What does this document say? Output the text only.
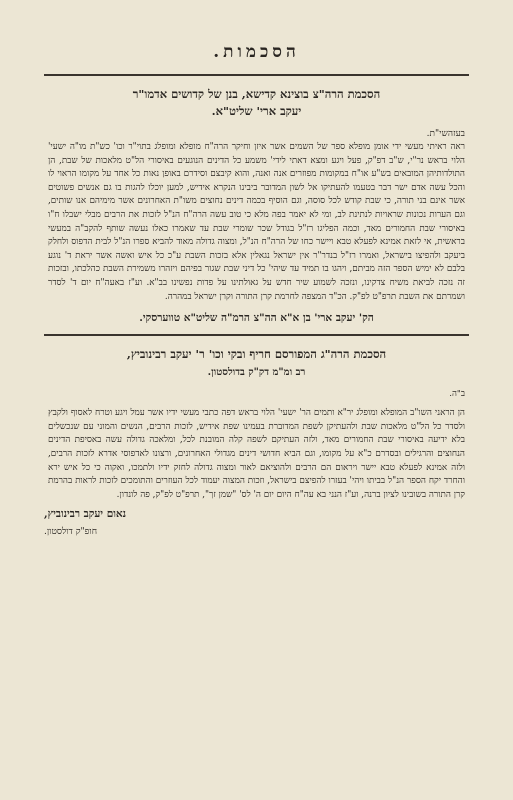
הסכמות.
הסכמת הרה"צ בוצינא קדישא, בנן של קדושים אדמו"ר
יעקב ארי' שליט"א.
בעזהשי"ת.

ראה ראיתי מעשי ידי אומן מופלא ספר של השמים אשר איזן וחיקר הרה"ח מופלא ומופלג בתוי"ר וכו' כש"ת מו"ה ישעי' הלוי בראש נר"י, ש"ב דפ"ק, פעל ויגע ומצא דאתי לידי' משמע כל הדינים הנוגעים באיסורי הל"ט מלאכות של שבת, הן התולדותיהן המובאים בש"ע או"ח במקומות מפוזרים אנה ואנה, והוא קיבצם וסידרם באופן נאות כל אחד על מקומו הראוי לו והכל עשה אדם ישר דבר בטעמו להעתיקו אל לשון המדובר ביבינו הנקרא אידיש, למען יוכלו להגות בו גם אנשים פשוטים אשר אינם בני תורה, כי שבת קודש לכל סוסה, וגם הוסיף בכמה דינים נחוצים משו"ת האחרונים אשר מימיהם אנו שותים, וגם הערות נכונות שראויות לנתינת לב, ומי לא יאמר בפה מלא כי טוב עשה הרה"ח הנ"ל לזכות את הרבים מבלי ישבלו ח"ו באיסורי שבת החמורים מאד, וכמה הפליגו רז"ל בגודל שכר שומרי שבת עד שאמרו כאלו נעשה שותף להקב"ה במעשי בראשית, אי לזאת אמינא לפעלא טבא ויישר כחו של הרה"ח הנ"ל, ומצוה גדולה מאוד להביא ספרו הנ"ל לבית הדפוס ולחלק ביעקב ולהפיצו בישראל, ואמרו רז"ל בנדר"ר אין ישראל נגאלין אלא בזכות השבת ע"כ כל איש ואשה אשר יראת ד' נוגע בלבם לא ימיש הספר הזה מביתם, ויהגו בו תמיד עד שיהי' כל דיני שבת שגור בפיהם ויזהרו משמירת השבת כהלכתו, ובזכות זה נזכה לביאת משיח צדקינו, ונזכה לשמוע שיר חדש על גאולתינו על פדות נפשינו בב"א. וע"ז באעה"ח יום ד' לסדר ושמרתם את השבת תרפ"ט לפ"ק. הכ"ד המצפה לחרמת קרן התורה וקרן ישראל במהרה.

הק' יעקב ארי' בן א"א הה"צ הרמ"ה שליט"א טווערסקי.
הסכמת הרה"ג המפורסם חריף ובקי וכו' ר' יעקב רבינוביץ,
רב ומ"מ דק"ק בדולסטון.
ב"ה.

הן הראני השו"ב המופלא ומופלג יר"א ותמים הר' ישעי' הלוי בראש דפה כתבי מעשי ידיו אשר עמל ויגע וטרח לאסוף ולקבץ ולסדר כל הל"ט מלאכות שבת ולהעתיקן לשפת המדוברת בעמינו שפת אידיש, לזכות הרבים, הנשים והמוני עם שנכשלים בלא ידיעה באיסורי שבת החמורים מאד, ולזה העתיקם לשפה קלה המובנת לכל, ומלאכה גדולה עשה באסיפת הדינים הנחוצים והרגילים ובסדרם כ"א על מקומו, וגם הביא חדושי דינים מגדולי האחרונים, ורצונו לאדפוסי אדרא לזכות הרבים, ולזה אמינא לפעלא טבא יישר ויראום הם הרבים ולהוציאם לאור ומצוה גדולה לחזק ידיו ולתמכו, ואקוה כי כל איש ירא והחרד יקח הספר הנ"ל בביתו ויהי' בעזרו להפיצם בישראל, וזכות המצוה יעמוד לכל העוזרים והתומכים לזכות לראות בהרמת קרן התורה בשובינו לציון ברנה, וע"ז הנני בא עה"ח היום יום ה' לס' "שמן זך", תרפ"ט לפ"ק, פה לונדון.

נאום יעקב רבינוביץ,
חופ"ק דולסטון.
